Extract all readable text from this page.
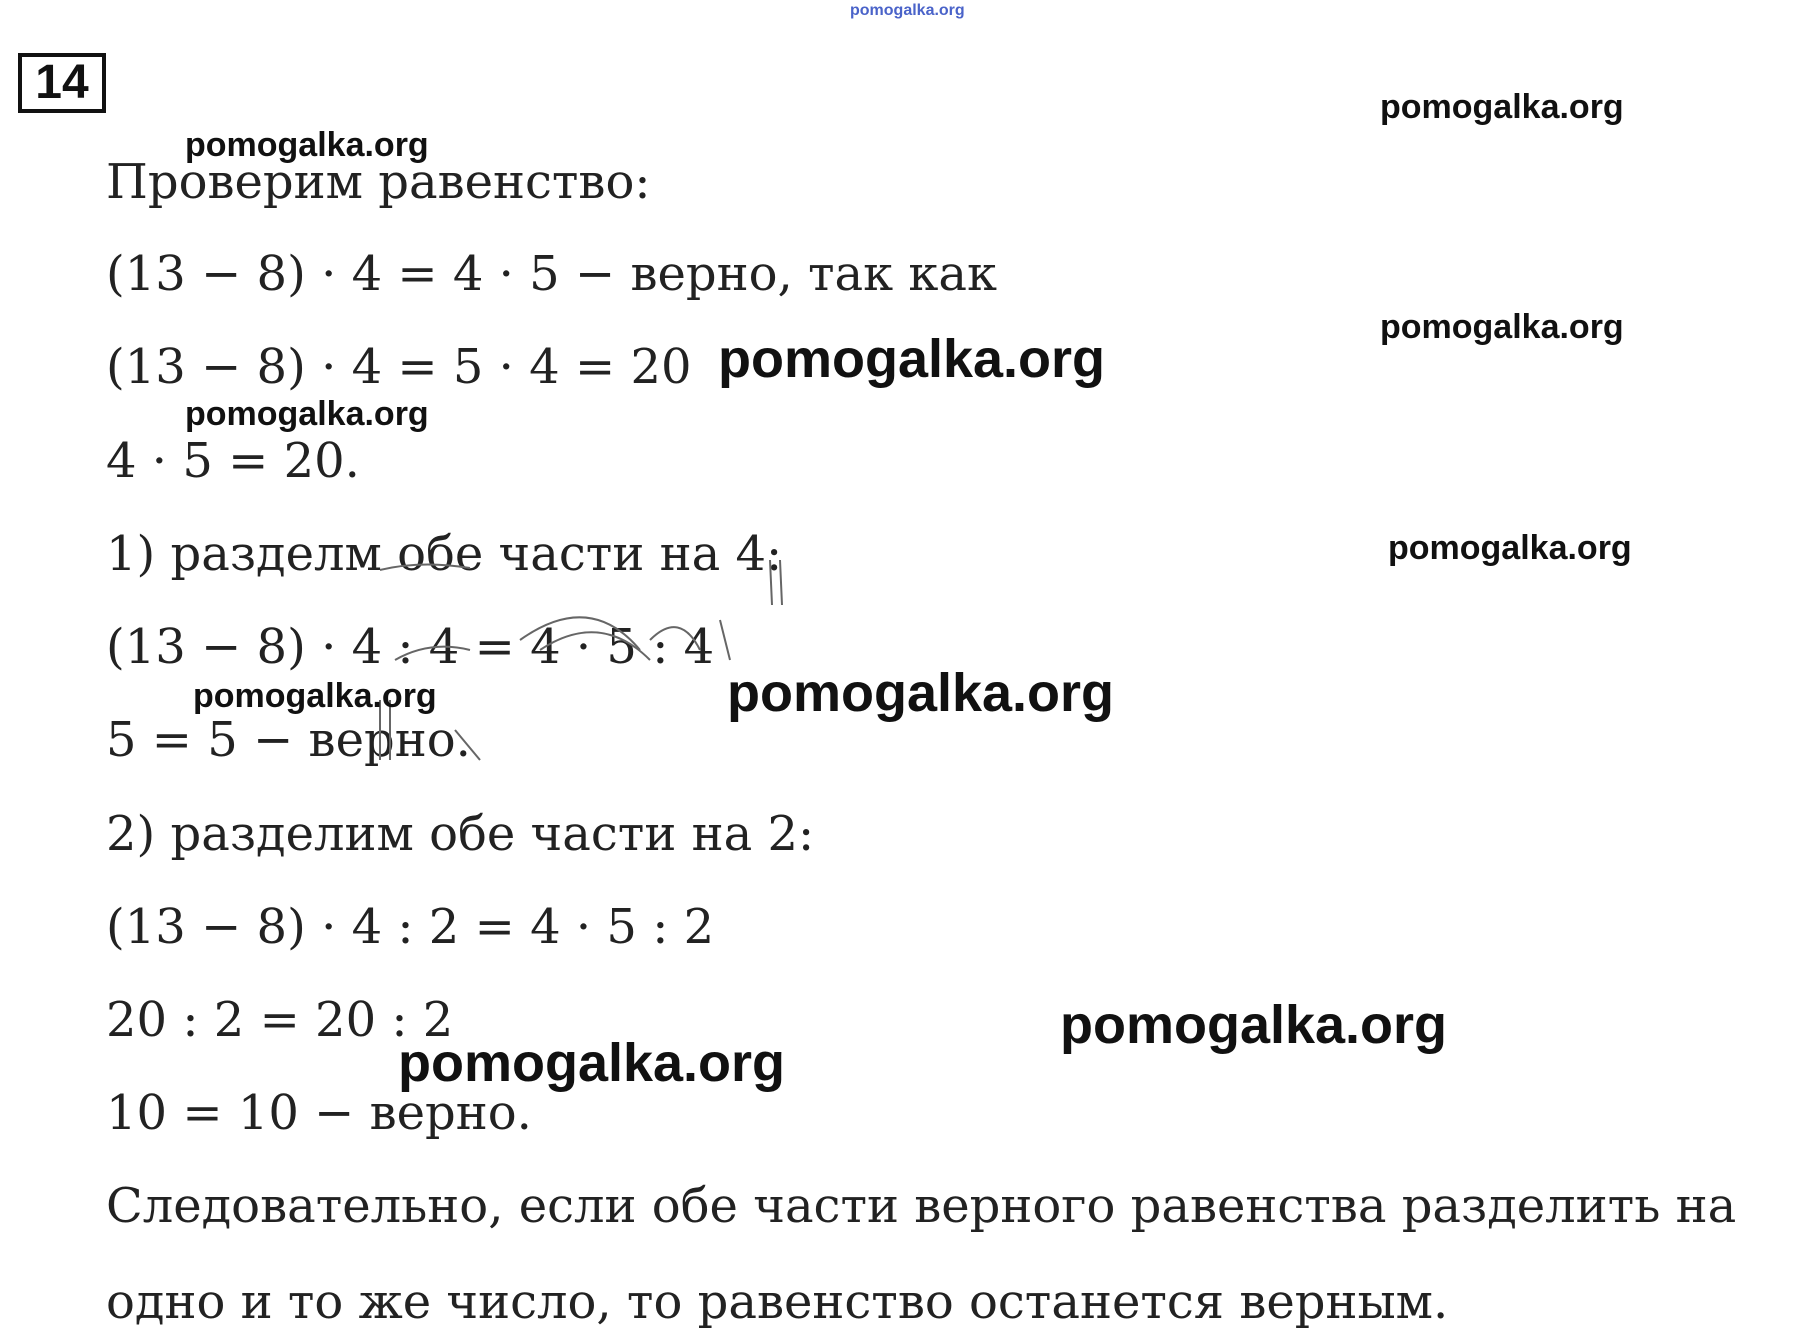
14
Проверим равенство:
(13 − 8) · 4 = 4 · 5 − верно, так как
(13 − 8) · 4 = 5 · 4 = 20
4 · 5 = 20.
1) разделм обе части на 4:
(13 − 8) · 4 : 4 = 4 · 5 : 4
5 = 5 − верно.
2) разделим обе части на 2:
(13 − 8) · 4 : 2 = 4 · 5 : 2
20 : 2 = 20 : 2
10 = 10 − верно.
Следовательно, если обе части верного равенства разделить на
одно и то же число, то равенство останется верным.
pomogalka.org
pomogalka.org
pomogalka.org
pomogalka.org
pomogalka.org
pomogalka.org
pomogalka.org
pomogalka.org	pomogalka.org
pomogalka.org
pomogalka.org
